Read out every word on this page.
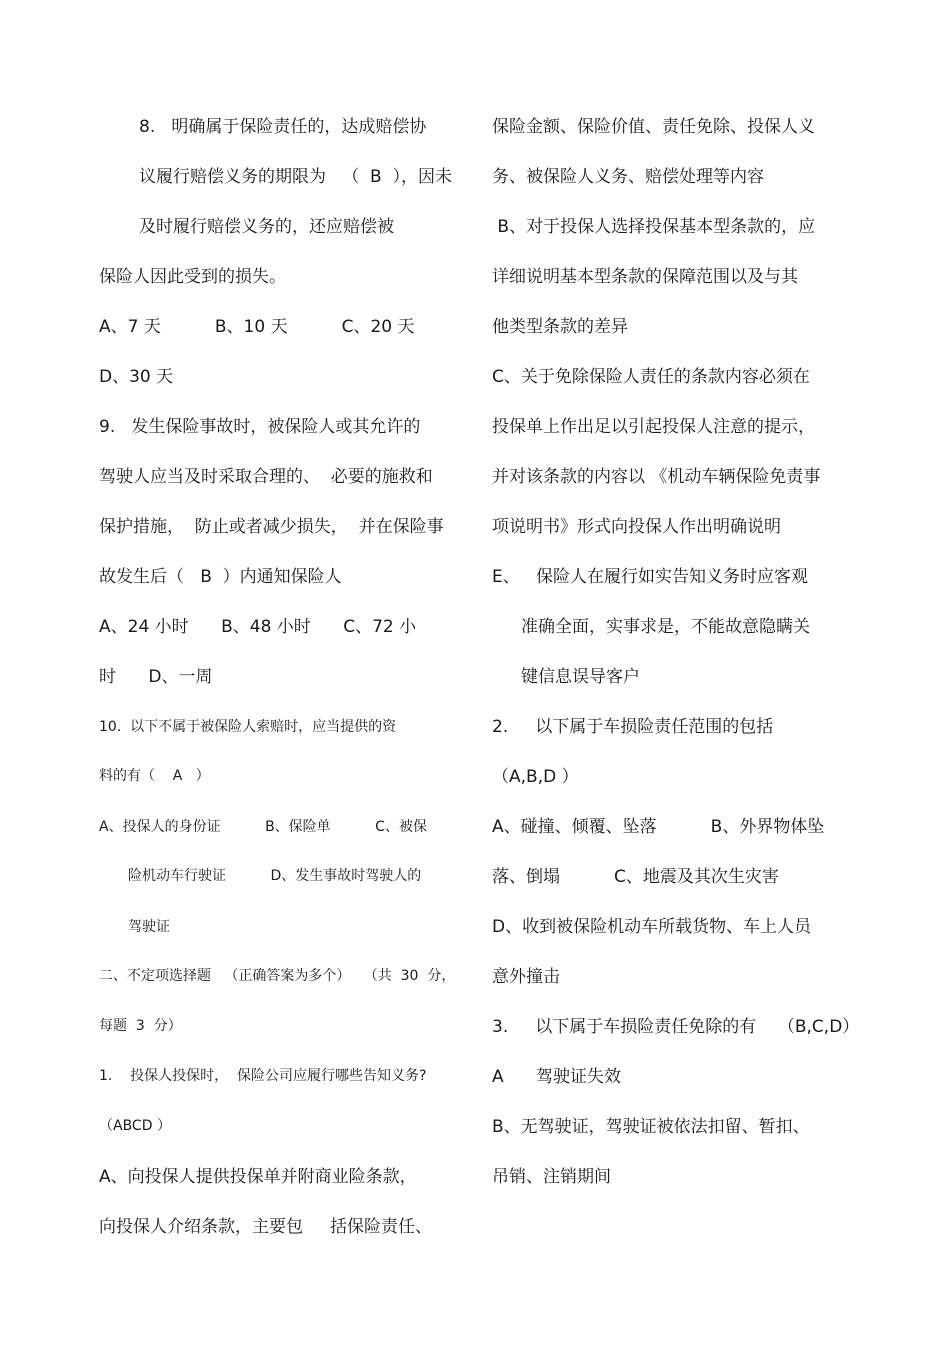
8.   明确属于保险责任的，达成赔偿协
议履行赔偿义务的期限为   （  B  ），因未
及时履行赔偿义务的，还应赔偿被
保险人因此受到的损失。
A、7 天          B、10 天          C、20 天
D、30 天
9.   发生保险事故时，被保险人或其允许的
驾驶人应当及时采取合理的、  必要的施救和
保护措施，  防止或者减少损失，  并在保险事
故发生后（   B  ）内通知保险人
A、24 小时      B、48 小时      C、72 小
时      D、一周
10.  以下不属于被保险人索赔时，应当提供的资
料的有（    A   ）
A、投保人的身份证          B、保险单          C、被保
险机动车行驶证          D、发生事故时驾驶人的
驾驶证
二、不定项选择题   （正确答案为多个）   （共  30  分，
每题  3  分）
1.    投保人投保时，  保险公司应履行哪些告知义务?
（ABCD ）
A、向投保人提供投保单并附商业险条款，
向投保人介绍条款，主要包     括保险责任、
保险金额、保险价值、责任免除、投保人义
务、被保险人义务、赔偿处理等内容
B、对于投保人选择投保基本型条款的，应
详细说明基本型条款的保障范围以及与其
他类型条款的差异
C、关于免除保险人责任的条款内容必须在
投保单上作出足以引起投保人注意的提示，
并对该条款的内容以 《机动车辆保险免责事
项说明书》形式向投保人作出明确说明
E、   保险人在履行如实告知义务时应客观
准确全面，实事求是，不能故意隐瞒关
键信息误导客户
2.     以下属于车损险责任范围的包括
（A,B,D ）
A、碰撞、倾覆、坠落          B、外界物体坠
落、倒塌          C、地震及其次生灾害
D、收到被保险机动车所载货物、车上人员
意外撞击
3.     以下属于车损险责任免除的有    （B,C,D）
A      驾驶证失效
B、无驾驶证，驾驶证被依法扣留、暂扣、
吊销、注销期间
